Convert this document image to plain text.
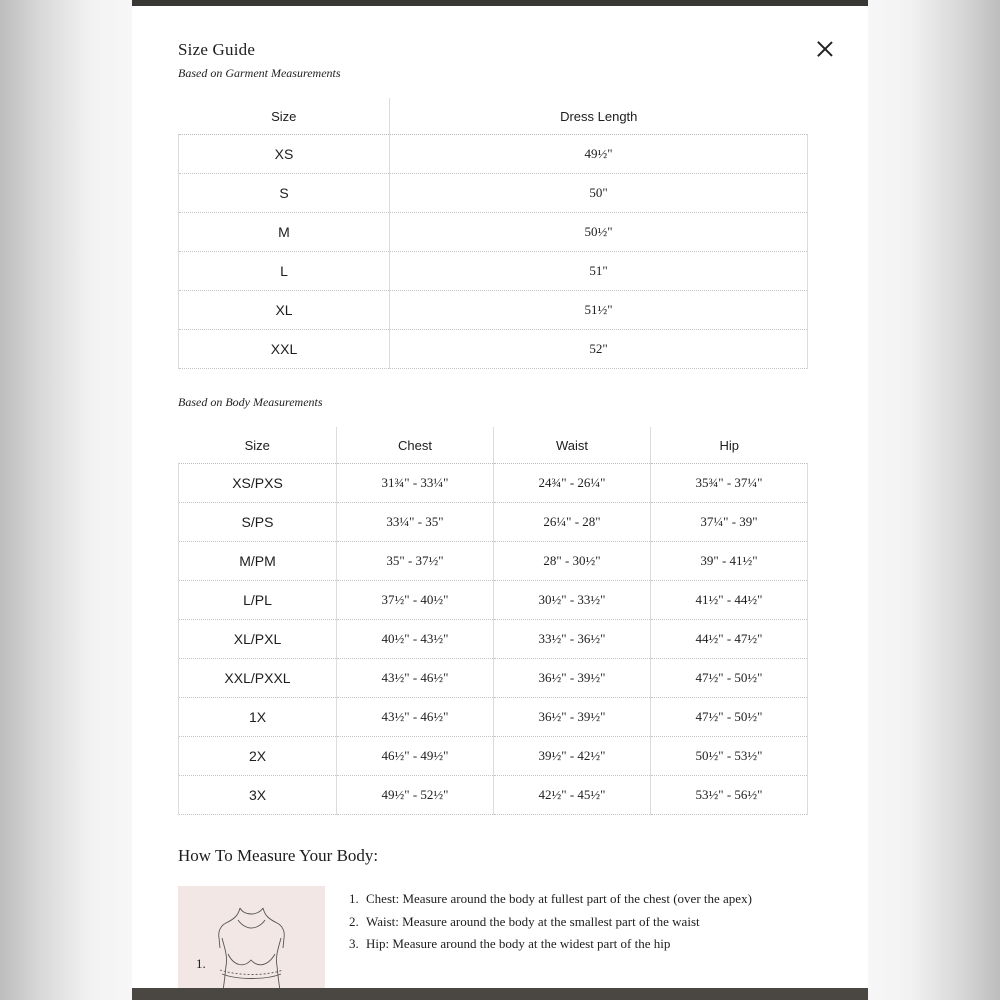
Size Guide
Based on Garment Measurements
Size	Dress Length
XS	49½"
S	50"
M	50½"
L	51"
XL	51½"
XXL	52"
Based on Body Measurements
Size	Chest	Waist	Hip
XS/PXS	31¾" - 33¼"	24¾" - 26¼"	35¾" - 37¼"
S/PS	33¼" - 35"	26¼" - 28"	37¼" - 39"
M/PM	35" - 37½"	28" - 30½"	39" - 41½"
L/PL	37½" - 40½"	30½" - 33½"	41½" - 44½"
XL/PXL	40½" - 43½"	33½" - 36½"	44½" - 47½"
XXL/PXXL	43½" - 46½"	36½" - 39½"	47½" - 50½"
1X	43½" - 46½"	36½" - 39½"	47½" - 50½"
2X	46½" - 49½"	39½" - 42½"	50½" - 53½"
3X	49½" - 52½"	42½" - 45½"	53½" - 56½"
How To Measure Your Body:
1.
1. Chest: Measure around the body at fullest part of the chest (over the apex)
2. Waist: Measure around the body at the smallest part of the waist
3. Hip: Measure around the body at the widest part of the hip
